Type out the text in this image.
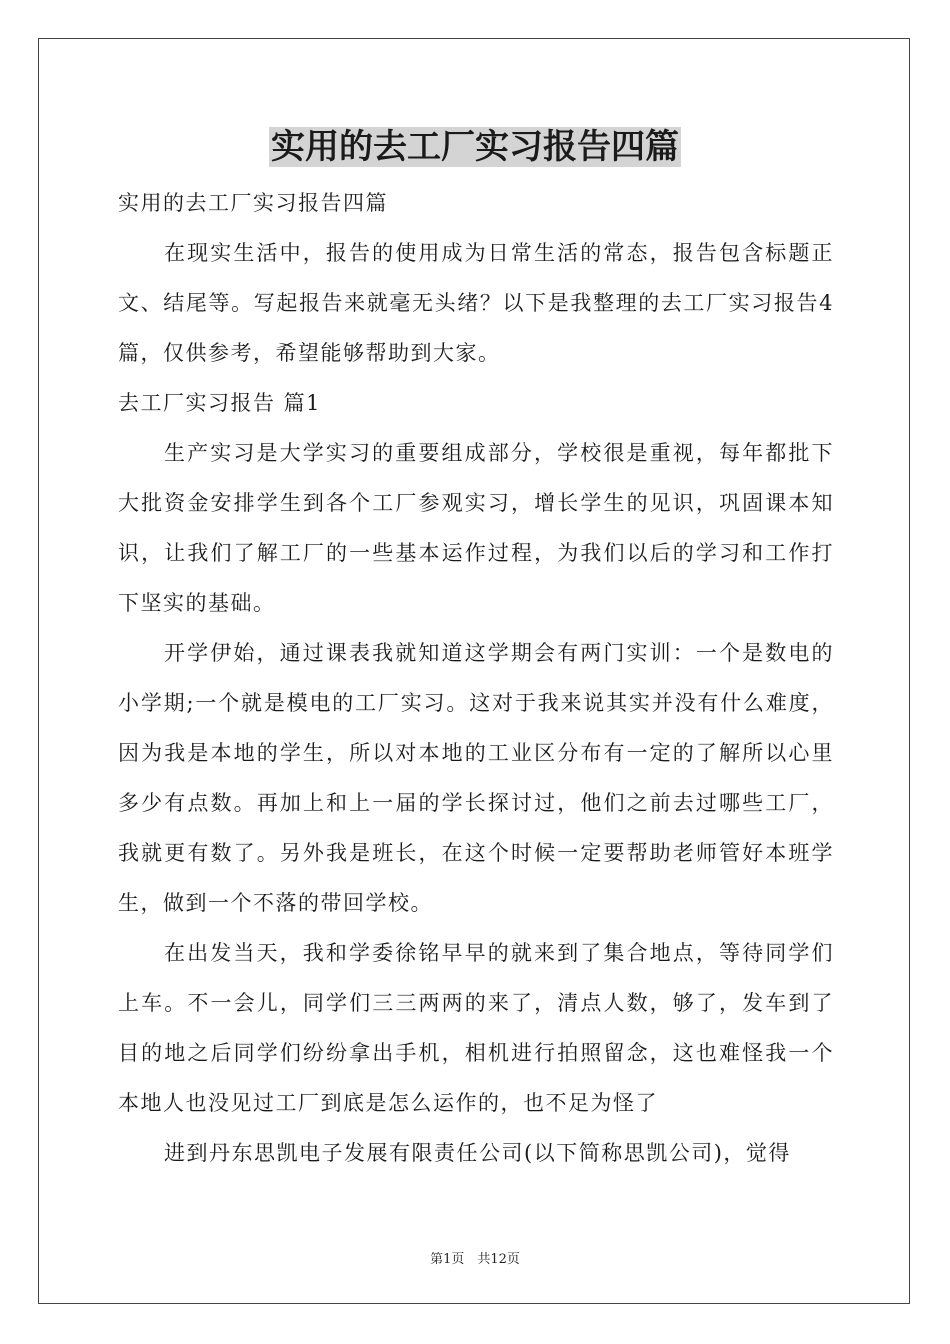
实用的去工厂实习报告四篇

实用的去工厂实习报告四篇

在现实生活中，报告的使用成为日常生活的常态，报告包含标题正文、结尾等。写起报告来就毫无头绪？以下是我整理的去工厂实习报告4篇，仅供参考，希望能够帮助到大家。

去工厂实习报告 篇1

生产实习是大学实习的重要组成部分，学校很是重视，每年都批下大批资金安排学生到各个工厂参观实习，增长学生的见识，巩固课本知识，让我们了解工厂的一些基本运作过程，为我们以后的学习和工作打下坚实的基础。

开学伊始，通过课表我就知道这学期会有两门实训：一个是数电的小学期;一个就是模电的工厂实习。这对于我来说其实并没有什么难度，因为我是本地的学生，所以对本地的工业区分布有一定的了解所以心里多少有点数。再加上和上一届的学长探讨过，他们之前去过哪些工厂，我就更有数了。另外我是班长，在这个时候一定要帮助老师管好本班学生，做到一个不落的带回学校。

在出发当天，我和学委徐铭早早的就来到了集合地点，等待同学们上车。不一会儿，同学们三三两两的来了，清点人数，够了，发车到了目的地之后同学们纷纷拿出手机，相机进行拍照留念，这也难怪我一个本地人也没见过工厂到底是怎么运作的，也不足为怪了

进到丹东思凯电子发展有限责任公司(以下简称思凯公司)，觉得

第1页　共12页
